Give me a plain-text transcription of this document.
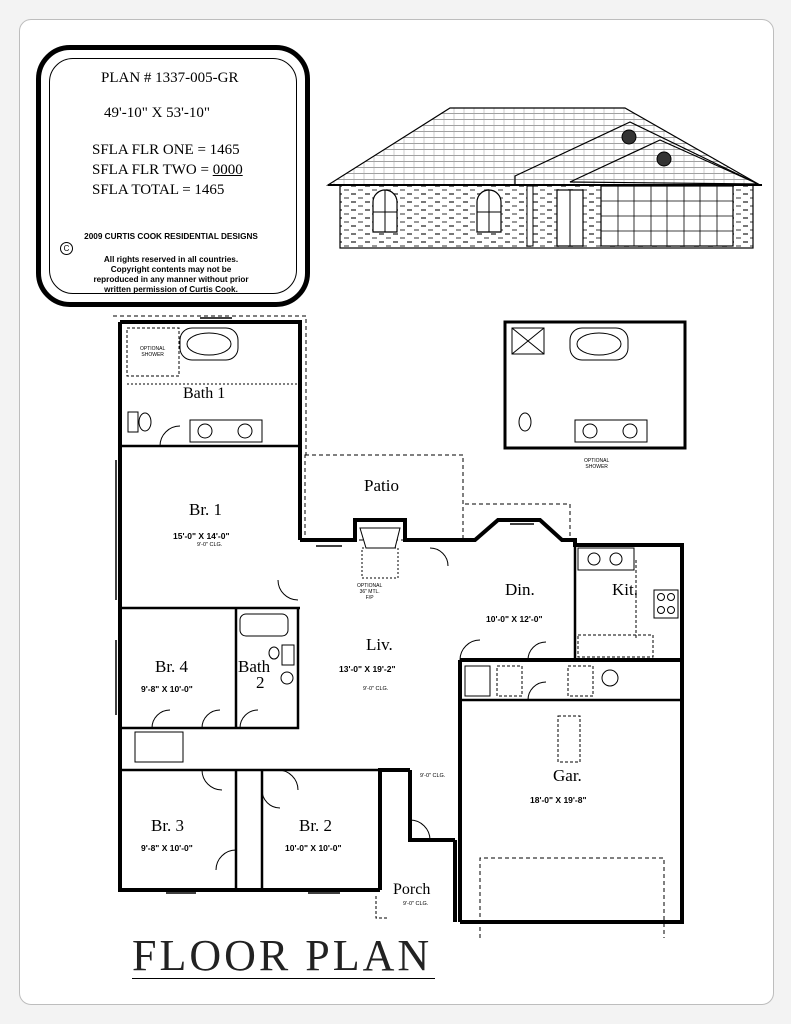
PLAN # 1337-005-GR
49'-10" X 53'-10"
SFLA FLR ONE = 1465
SFLA FLR TWO = 0000
SFLA TOTAL = 1465
2009 CURTIS COOK RESIDENTIAL DESIGNS
C
All rights reserved in all countries.
Copyright contents may not be
reproduced in any manner without prior
written permission of Curtis Cook.
OPTIONAL
SHOWER
Bath 1
OPTIONAL
SHOWER
Br. 1
15'-0" X 14'-0"
9'-0" CLG.
Patio
OPTIONAL
36" MTL.
F/P	Din.
10'-0" X 12'-0"
Kit.
Br. 4
9'-8" X 10'-0"
Bath
2
Liv.
13'-0" X 19'-2"
9'-0" CLG.
9'-0" CLG.	Gar.
18'-0" X 19'-8"
Br. 3
9'-8" X 10'-0"
Br. 2
10'-0" X 10'-0"
Porch
9'-0" CLG.
FLOOR PLAN
